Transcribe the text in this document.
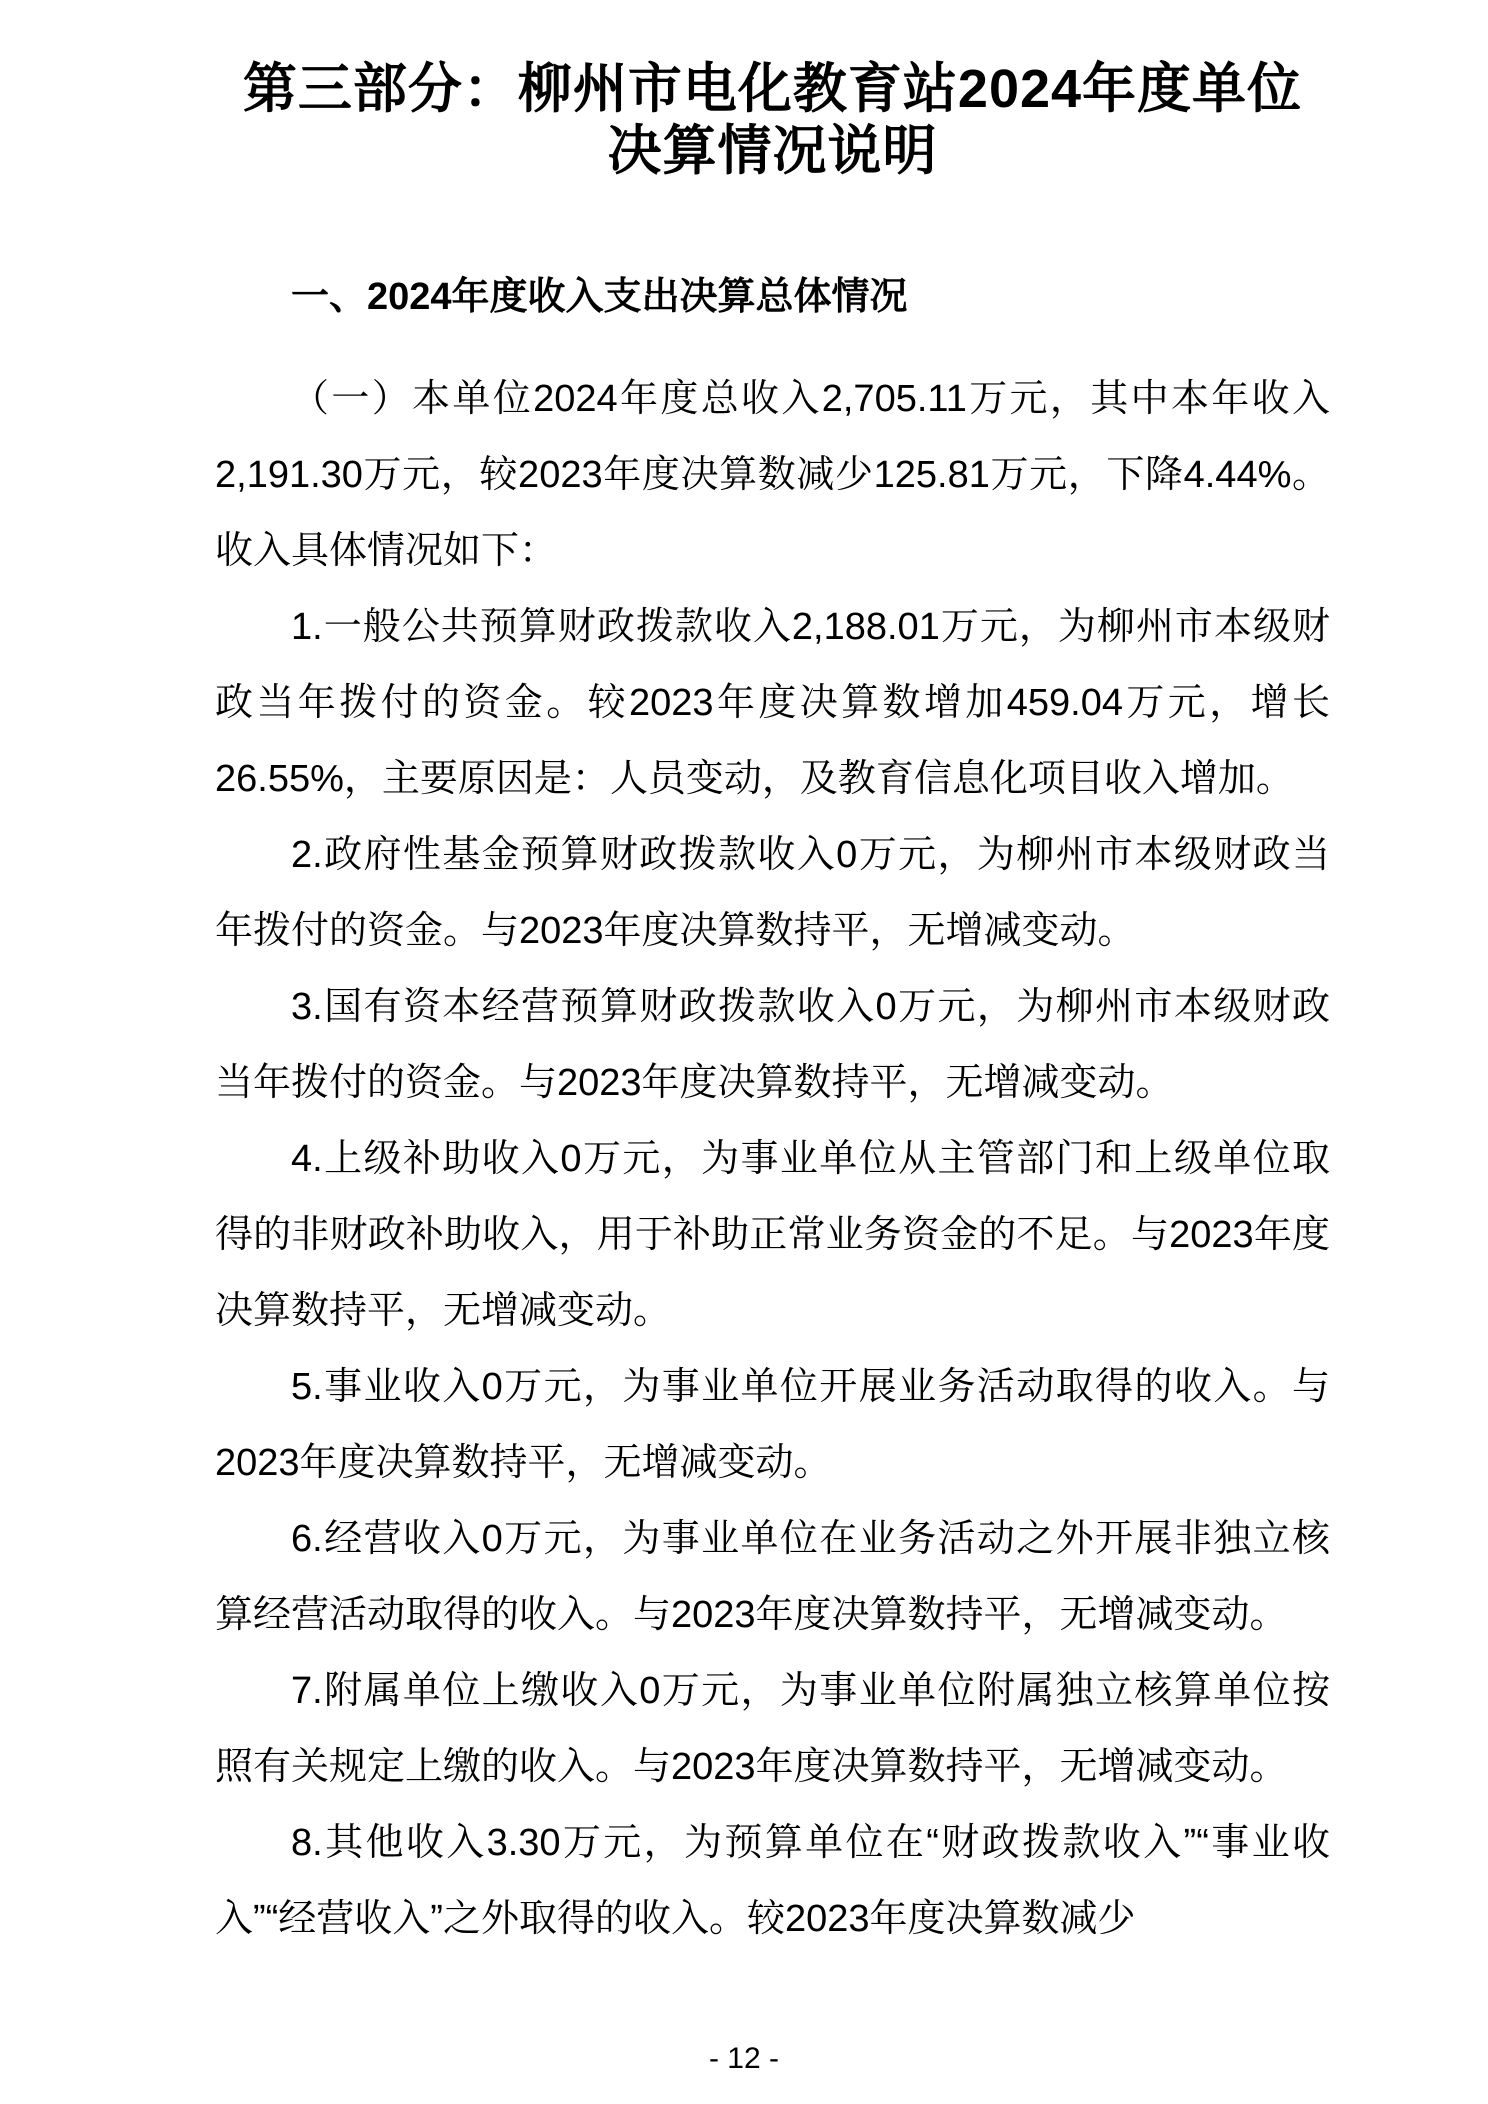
第三部分：柳州市电化教育站2024年度单位
决算情况说明
一、2024年度收入支出决算总体情况

（一）本单位2024年度总收入2,705.11万元，其中本年收入2,191.30万元，较2023年度决算数减少125.81万元，下降4.44%。收入具体情况如下：

1.一般公共预算财政拨款收入2,188.01万元，为柳州市本级财政当年拨付的资金。较2023年度决算数增加459.04万元，增长26.55%，主要原因是：人员变动，及教育信息化项目收入增加。

2.政府性基金预算财政拨款收入0万元，为柳州市本级财政当年拨付的资金。与2023年度决算数持平，无增减变动。

3.国有资本经营预算财政拨款收入0万元，为柳州市本级财政当年拨付的资金。与2023年度决算数持平，无增减变动。

4.上级补助收入0万元，为事业单位从主管部门和上级单位取得的非财政补助收入，用于补助正常业务资金的不足。与2023年度决算数持平，无增减变动。

5.事业收入0万元，为事业单位开展业务活动取得的收入。与2023年度决算数持平，无增减变动。

6.经营收入0万元，为事业单位在业务活动之外开展非独立核算经营活动取得的收入。与2023年度决算数持平，无增减变动。

7.附属单位上缴收入0万元，为事业单位附属独立核算单位按照有关规定上缴的收入。与2023年度决算数持平，无增减变动。

8.其他收入3.30万元，为预算单位在“财政拨款收入”“事业收入”“经营收入”之外取得的收入。较2023年度决算数减少

- 12 -
